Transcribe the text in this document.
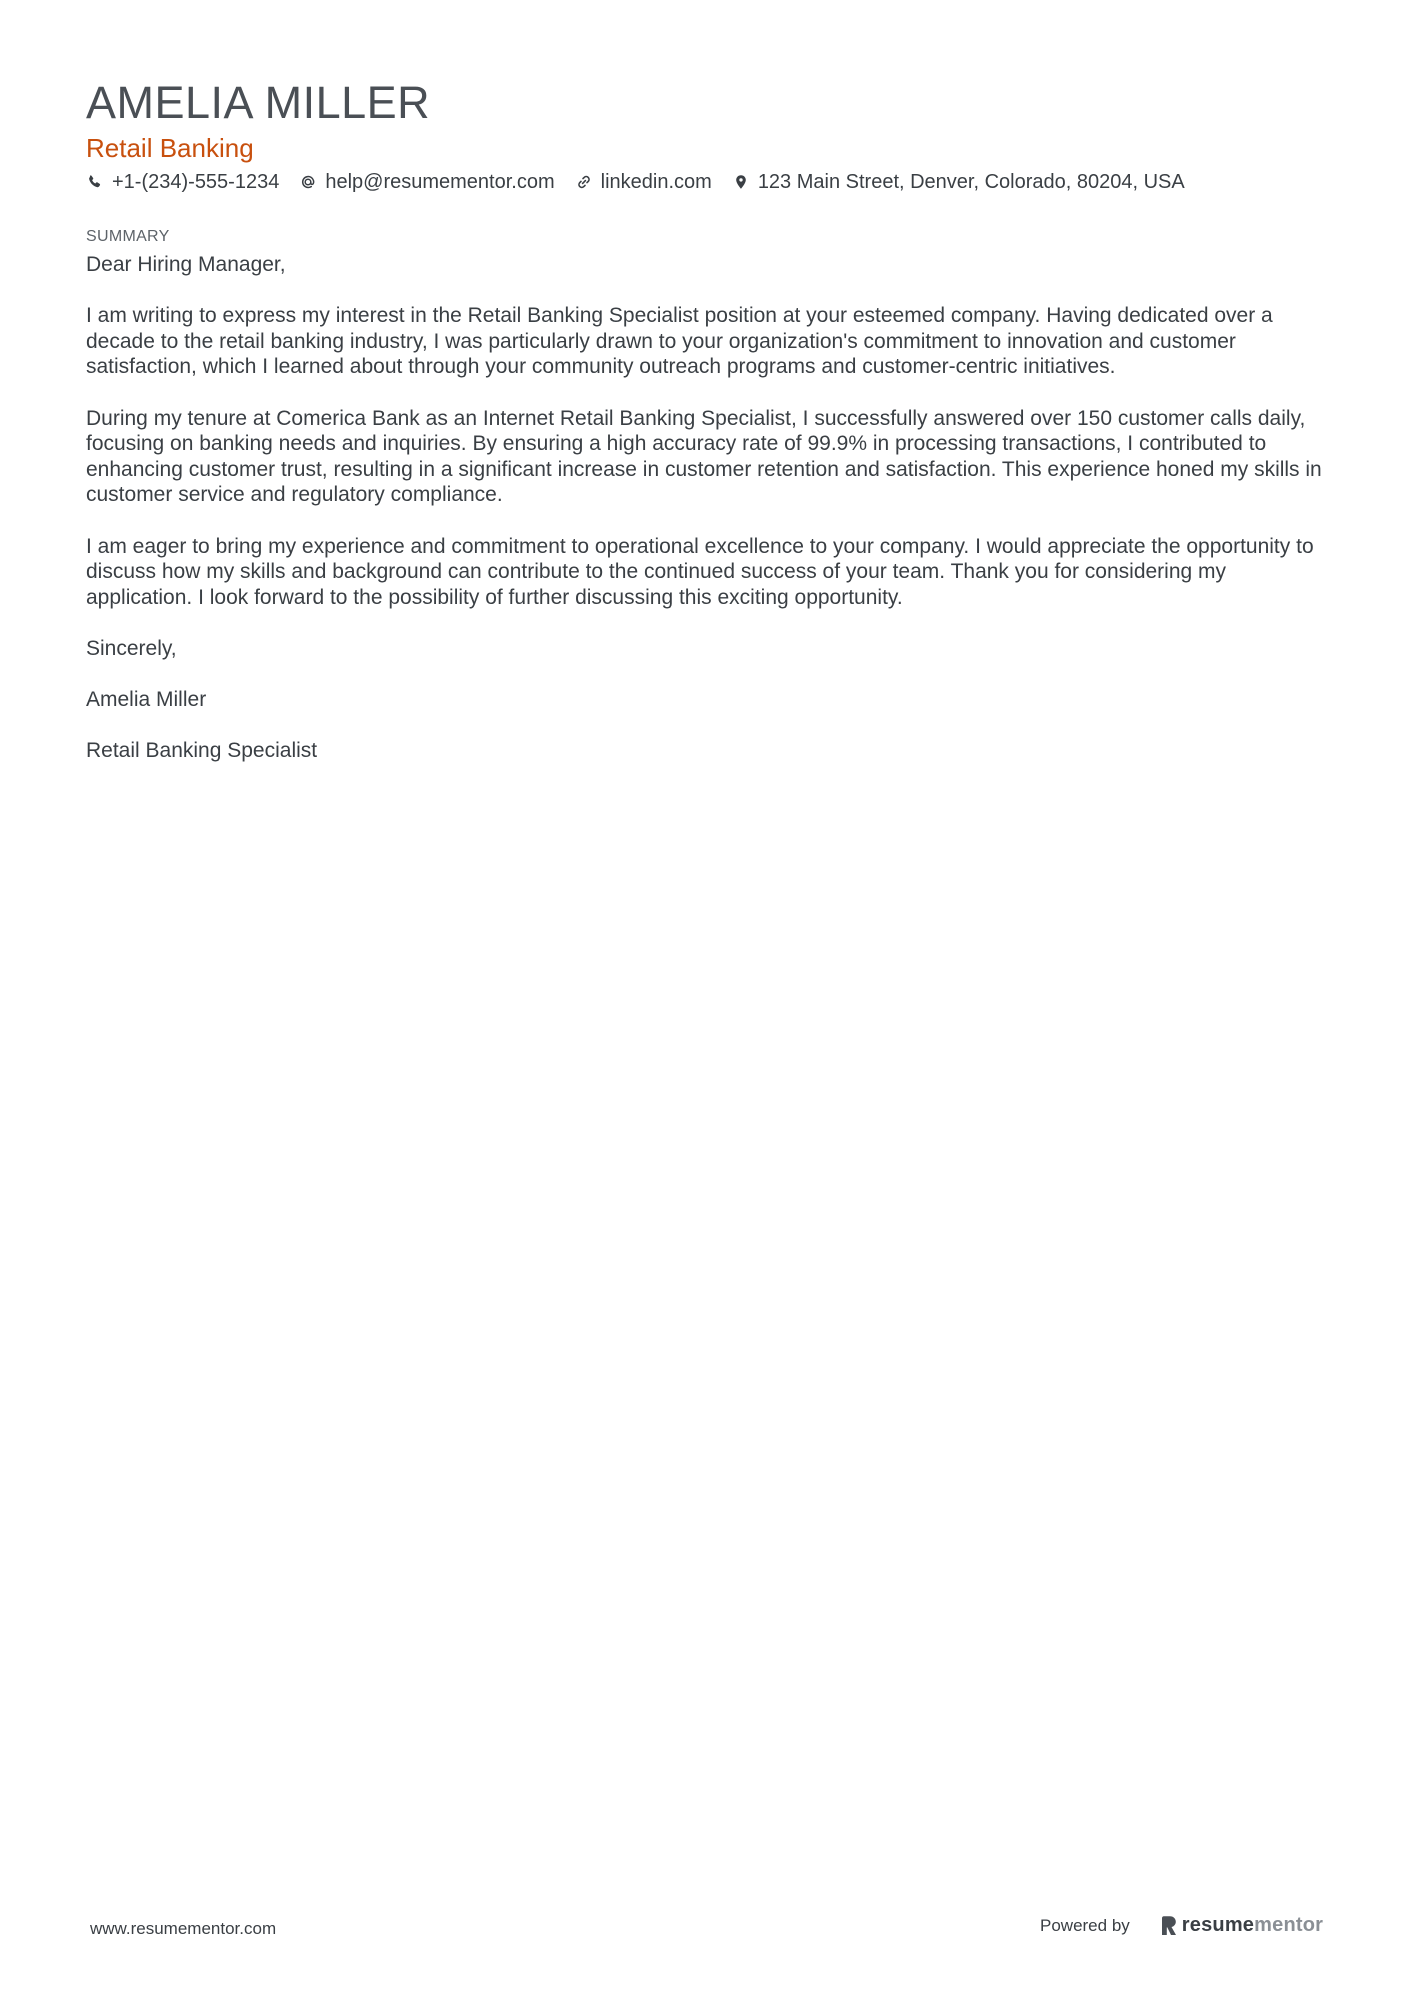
AMELIA MILLER
Retail Banking
+1-(234)-555-1234 help@resumementor.com linkedin.com 123 Main Street, Denver, Colorado, 80204, USA
SUMMARY

Dear Hiring Manager,

I am writing to express my interest in the Retail Banking Specialist position at your esteemed company. Having dedicated over a decade to the retail banking industry, I was particularly drawn to your organization's commitment to innovation and customer satisfaction, which I learned about through your community outreach programs and customer-centric initiatives.

During my tenure at Comerica Bank as an Internet Retail Banking Specialist, I successfully answered over 150 customer calls daily, focusing on banking needs and inquiries. By ensuring a high accuracy rate of 99.9% in processing transactions, I contributed to enhancing customer trust, resulting in a significant increase in customer retention and satisfaction. This experience honed my skills in customer service and regulatory compliance.

I am eager to bring my experience and commitment to operational excellence to your company. I would appreciate the opportunity to discuss how my skills and background can contribute to the continued success of your team. Thank you for considering my application. I look forward to the possibility of further discussing this exciting opportunity.

Sincerely,

Amelia Miller

Retail Banking Specialist

www.resumementor.com	Powered by	resume mentor
